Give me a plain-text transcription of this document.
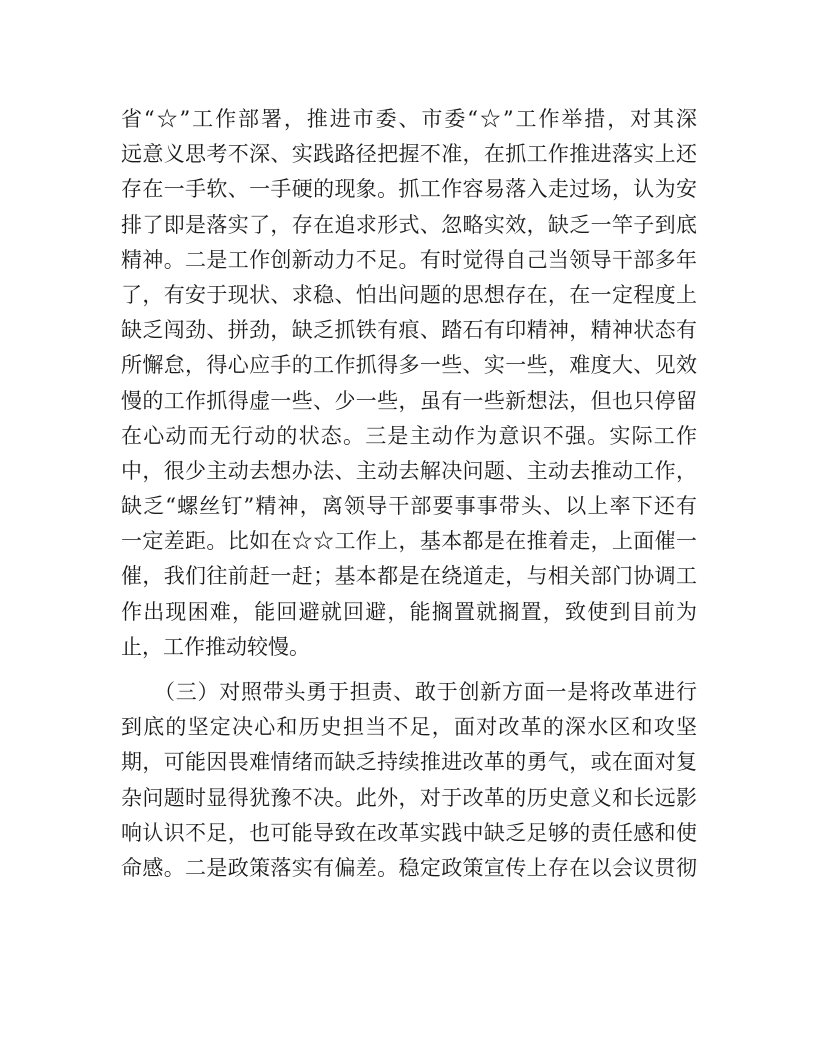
省“☆”工作部署，推进市委、市委“☆”工作举措，对其深
远意义思考不深、实践路径把握不准，在抓工作推进落实上还
存在一手软、一手硬的现象。抓工作容易落入走过场，认为安
排了即是落实了，存在追求形式、忽略实效，缺乏一竿子到底
精神。二是工作创新动力不足。有时觉得自己当领导干部多年
了，有安于现状、求稳、怕出问题的思想存在，在一定程度上
缺乏闯劲、拼劲，缺乏抓铁有痕、踏石有印精神，精神状态有
所懈怠，得心应手的工作抓得多一些、实一些，难度大、见效
慢的工作抓得虚一些、少一些，虽有一些新想法，但也只停留
在心动而无行动的状态。三是主动作为意识不强。实际工作
中，很少主动去想办法、主动去解决问题、主动去推动工作，
缺乏“螺丝钉”精神，离领导干部要事事带头、以上率下还有
一定差距。比如在☆☆工作上，基本都是在推着走，上面催一
催，我们往前赶一赶；基本都是在绕道走，与相关部门协调工
作出现困难，能回避就回避，能搁置就搁置，致使到目前为
止，工作推动较慢。
　　（三）对照带头勇于担责、敢于创新方面一是将改革进行
到底的坚定决心和历史担当不足，面对改革的深水区和攻坚
期，可能因畏难情绪而缺乏持续推进改革的勇气，或在面对复
杂问题时显得犹豫不决。此外，对于改革的历史意义和长远影
响认识不足，也可能导致在改革实践中缺乏足够的责任感和使
命感。二是政策落实有偏差。稳定政策宣传上存在以会议贯彻
